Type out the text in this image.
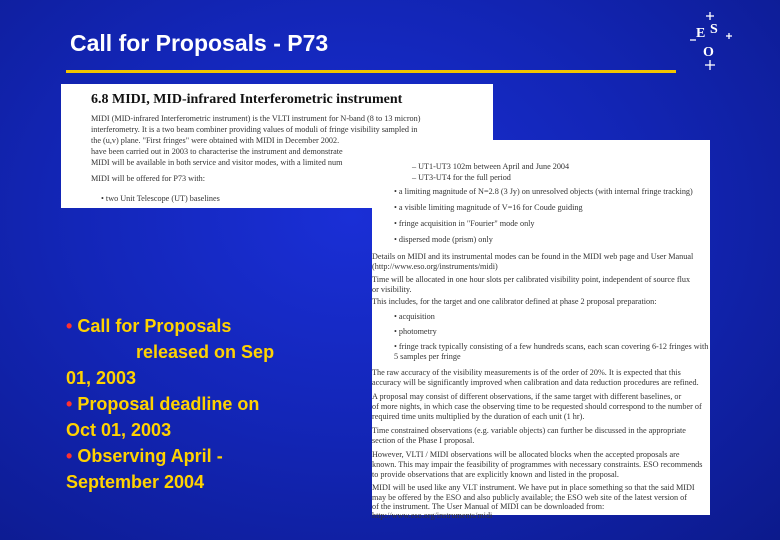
Call for Proposals - P73	E S
O
6.8 MIDI, MID-infrared Interferometric instrument
MIDI (MID-infrared Interferometric instrument) is the VLTI instrument for N-band (8 to 13 micron)
interferometry. It is a two beam combiner providing values of moduli of fringe visibility sampled in
the (u,v) plane. "First fringes" were obtained with MIDI in December 2002.
have been carried out in 2003 to characterise the instrument and demonstrate
MIDI will be available in both service and visitor modes, with a limited num
MIDI will be offered for P73 with:
• two Unit Telescope (UT) baselines
– UT1-UT3 102m between April and June 2004
– UT3-UT4 for the full period
• a limiting magnitude of N=2.8 (3 Jy) on unresolved objects (with internal fringe tracking)
• a visible limiting magnitude of V=16 for Coude guiding
• fringe acquisition in "Fourier" mode only
• dispersed mode (prism) only
Details on MIDI and its instrumental modes can be found in the MIDI web page and User Manual
(http://www.eso.org/instruments/midi)
Time will be allocated in one hour slots per calibrated visibility point, independent of source flux
or visibility.
This includes, for the target and one calibrator defined at phase 2 proposal preparation:
• acquisition
• photometry
• fringe track typically consisting of a few hundreds scans, each scan covering 6-12 fringes with
5 samples per fringe
The raw accuracy of the visibility measurements is of the order of 20%. It is expected that this
accuracy will be significantly improved when calibration and data reduction procedures are refined.
A proposal may consist of different observations, if the same target with different baselines, or
of more nights, in which case the observing time to be requested should correspond to the number of
required time units multiplied by the duration of each unit (1 hr).
Time constrained observations (e.g. variable objects) can further be discussed in the appropriate
section of the Phase I proposal.
However, VLTI / MIDI observations will be allocated blocks when the accepted proposals are
known. This may impair the feasibility of programmes with necessary constraints. ESO recommends
to provide observations that are explicitly known and listed in the proposal.
MIDI will be used like any VLT instrument. We have put in place something so that the said MIDI
may be offered by the ESO and also publicly available; the ESO web site of the latest version of
of the instrument. The User Manual of MIDI can be downloaded from:
http://www.eso.org/instruments/midi
• Call for Proposals
released on Sep
01, 2003
• Proposal deadline on
Oct 01, 2003
• Observing April -
September 2004
